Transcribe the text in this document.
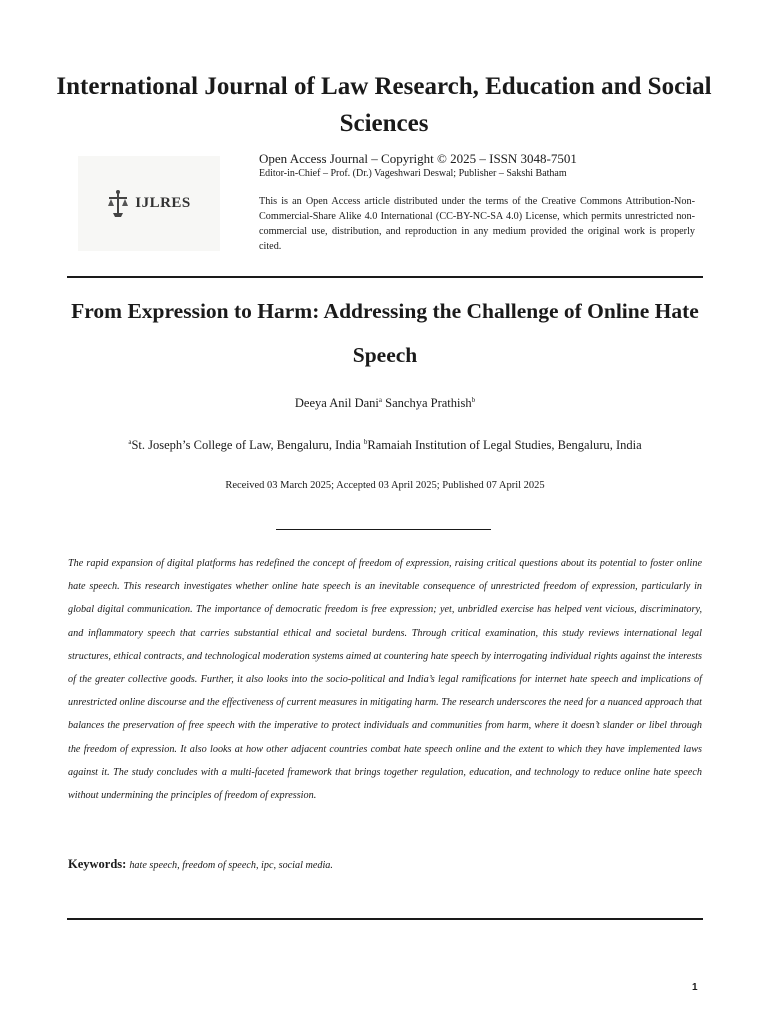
International Journal of Law Research, Education and Social Sciences
IJLRES

Open Access Journal – Copyright © 2025 – ISSN 3048-7501

Editor-in-Chief – Prof. (Dr.) Vageshwari Deswal; Publisher – Sakshi Batham

This is an Open Access article distributed under the terms of the Creative Commons Attribution-Non-Commercial-Share Alike 4.0 International (CC-BY-NC-SA 4.0) License, which permits unrestricted non-commercial use, distribution, and reproduction in any medium provided the original work is properly cited.
From Expression to Harm: Addressing the Challenge of Online Hate Speech
Deeya Anil Dani$^a$ Sanchya Prathish$^b$
$^a$St. Joseph’s College of Law, Bengaluru, India $^b$Ramaiah Institution of Legal Studies, Bengaluru, India
Received 03 March 2025; Accepted 03 April 2025; Published 07 April 2025
The rapid expansion of digital platforms has redefined the concept of freedom of expression, raising critical questions about its potential to foster online hate speech. This research investigates whether online hate speech is an inevitable consequence of unrestricted freedom of expression, particularly in global digital communication. The importance of democratic freedom is free expression; yet, unbridled exercise has helped vent vicious, discriminatory, and inflammatory speech that carries substantial ethical and societal burdens. Through critical examination, this study reviews international legal structures, ethical contracts, and technological moderation systems aimed at countering hate speech by interrogating individual rights against the interests of the greater collective goods. Further, it also looks into the socio-political and India’s legal ramifications for internet hate speech and implications of unrestricted online discourse and the effectiveness of current measures in mitigating harm. The research underscores the need for a nuanced approach that balances the preservation of free speech with the imperative to protect individuals and communities from harm, where it doesn’t slander or libel through the freedom of expression. It also looks at how other adjacent countries combat hate speech online and the extent to which they have implemented laws against it. The study concludes with a multi-faceted framework that brings together regulation, education, and technology to reduce online hate speech without undermining the principles of freedom of expression.
Keywords: hate speech, freedom of speech, ipc, social media.
1
